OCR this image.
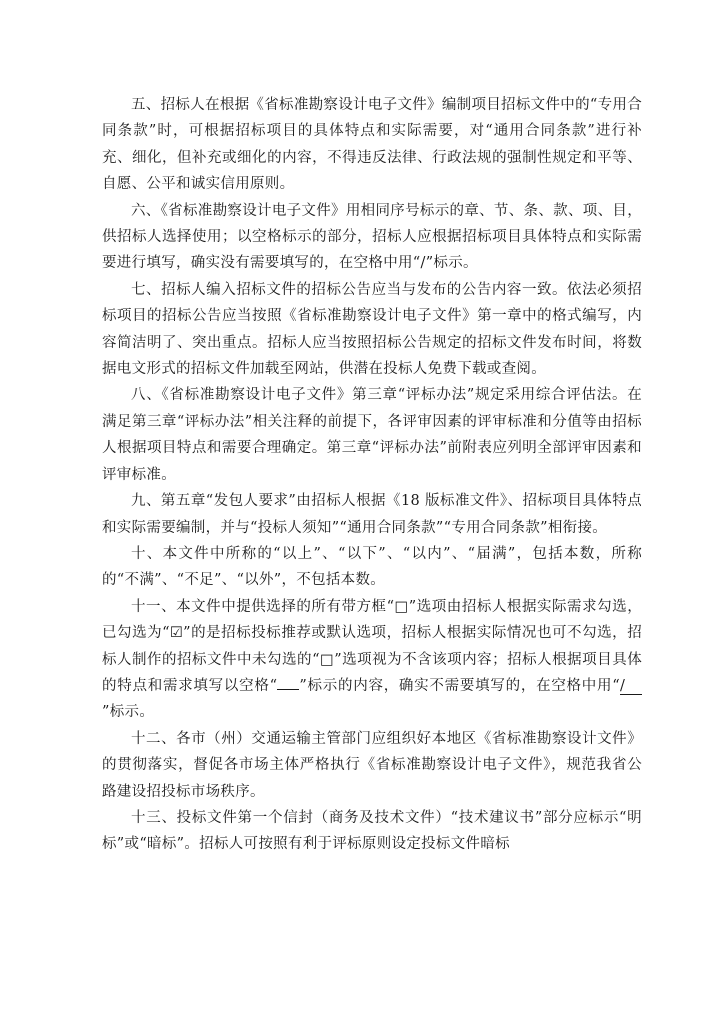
五、招标人在根据《省标准勘察设计电子文件》编制项目招标文件中的“专用合同条款”时，可根据招标项目的具体特点和实际需要，对“通用合同条款”进行补充、细化，但补充或细化的内容，不得违反法律、行政法规的强制性规定和平等、自愿、公平和诚实信用原则。

六、《省标准勘察设计电子文件》用相同序号标示的章、节、条、款、项、目，供招标人选择使用；以空格标示的部分，招标人应根据招标项目具体特点和实际需要进行填写，确实没有需要填写的，在空格中用“/”标示。

七、招标人编入招标文件的招标公告应当与发布的公告内容一致。依法必须招标项目的招标公告应当按照《省标准勘察设计电子文件》第一章中的格式编写，内容简洁明了、突出重点。招标人应当按照招标公告规定的招标文件发布时间，将数据电文形式的招标文件加载至网站，供潜在投标人免费下载或查阅。

八、《省标准勘察设计电子文件》第三章“评标办法”规定采用综合评估法。在满足第三章“评标办法”相关注释的前提下，各评审因素的评审标准和分值等由招标人根据项目特点和需要合理确定。第三章“评标办法”前附表应列明全部评审因素和评审标准。

九、第五章“发包人要求”由招标人根据《18 版标准文件》、招标项目具体特点和实际需要编制，并与“投标人须知”“通用合同条款”“专用合同条款”相衔接。

十、本文件中所称的“以上”、“以下”、“以内”、“届满”，包括本数，所称的“不满”、“不足”、“以外”，不包括本数。

十一、本文件中提供选择的所有带方框“□”选项由招标人根据实际需求勾选，已勾选为“☑”的是招标投标推荐或默认选项，招标人根据实际情况也可不勾选，招标人制作的招标文件中未勾选的“□”选项视为不含该项内容；招标人根据项目具体的特点和需求填写以空格“ ”标示的内容，确实不需要填写的，在空格中用“/”标示。

十二、各市（州）交通运输主管部门应组织好本地区《省标准勘察设计文件》的贯彻落实，督促各市场主体严格执行《省标准勘察设计电子文件》，规范我省公路建设招投标市场秩序。

十三、投标文件第一个信封（商务及技术文件）“技术建议书”部分应标示“明标”或“暗标”。招标人可按照有利于评标原则设定投标文件暗标
